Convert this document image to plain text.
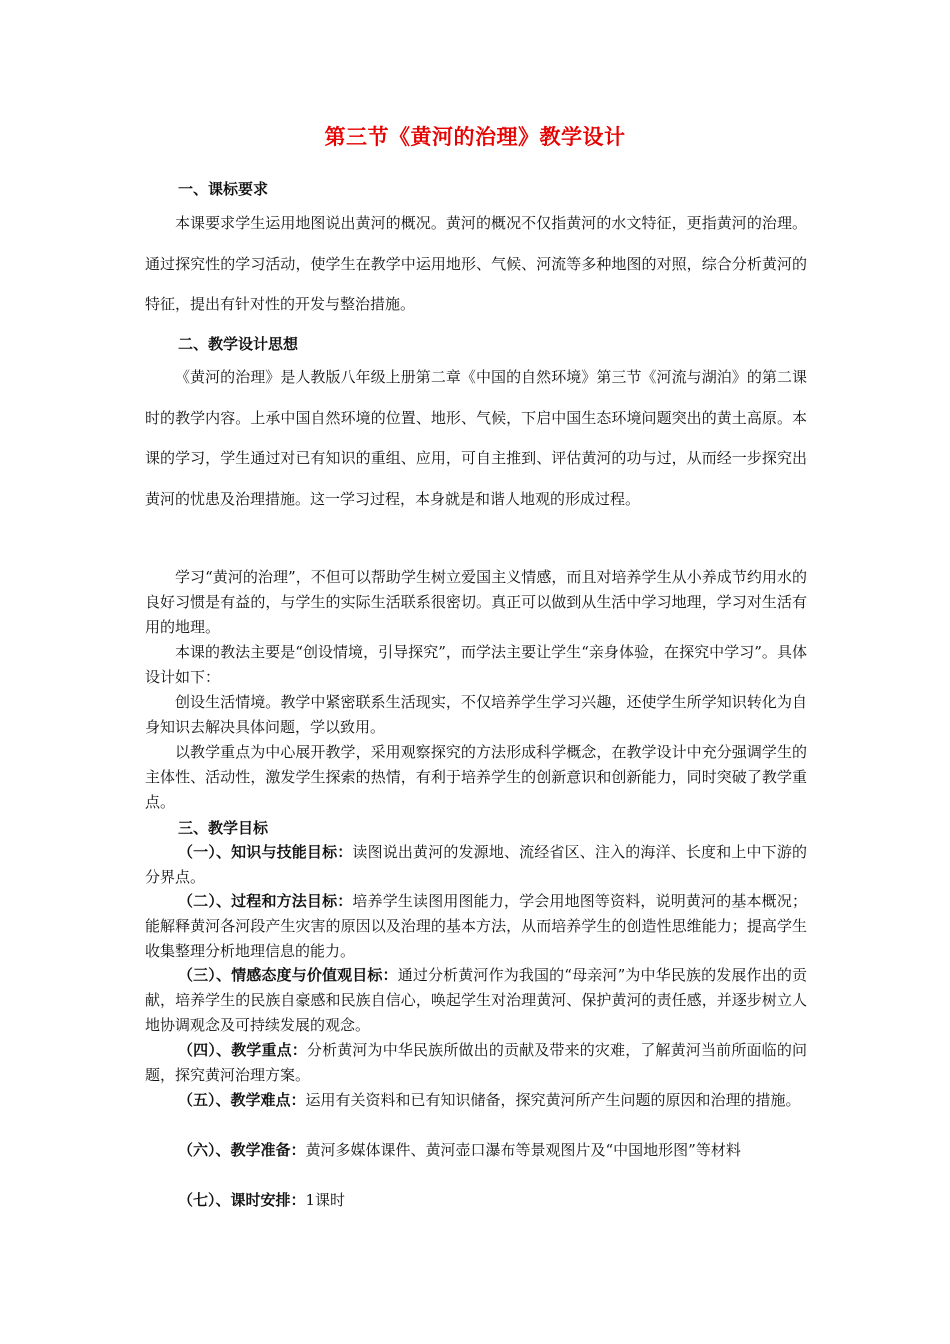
第三节《黄河的治理》教学设计
一、课标要求

本课要求学生运用地图说出黄河的概况。黄河的概况不仅指黄河的水文特征，更指黄河的治理。通过探究性的学习活动，使学生在教学中运用地形、气候、河流等多种地图的对照，综合分析黄河的特征，提出有针对性的开发与整治措施。

二、教学设计思想

《黄河的治理》是人教版八年级上册第二章《中国的自然环境》第三节《河流与湖泊》的第二课时的教学内容。上承中国自然环境的位置、地形、气候，下启中国生态环境问题突出的黄土高原。本课的学习，学生通过对已有知识的重组、应用，可自主推到、评估黄河的功与过，从而经一步探究出黄河的忧患及治理措施。这一学习过程，本身就是和谐人地观的形成过程。

学习“黄河的治理”，不但可以帮助学生树立爱国主义情感，而且对培养学生从小养成节约用水的良好习惯是有益的，与学生的实际生活联系很密切。真正可以做到从生活中学习地理，学习对生活有用的地理。

本课的教法主要是“创设情境，引导探究”，而学法主要让学生“亲身体验，在探究中学习”。具体设计如下：

创设生活情境。教学中紧密联系生活现实，不仅培养学生学习兴趣，还使学生所学知识转化为自身知识去解决具体问题，学以致用。

以教学重点为中心展开教学，采用观察探究的方法形成科学概念，在教学设计中充分强调学生的主体性、活动性，激发学生探索的热情，有利于培养学生的创新意识和创新能力，同时突破了教学重点。

三、教学目标

（一）、知识与技能目标：读图说出黄河的发源地、流经省区、注入的海洋、长度和上中下游的分界点。

（二）、过程和方法目标：培养学生读图用图能力，学会用地图等资料，说明黄河的基本概况；能解释黄河各河段产生灾害的原因以及治理的基本方法，从而培养学生的创造性思维能力；提高学生收集整理分析地理信息的能力。

（三）、情感态度与价值观目标：通过分析黄河作为我国的“母亲河”为中华民族的发展作出的贡献，培养学生的民族自豪感和民族自信心，唤起学生对治理黄河、保护黄河的责任感，并逐步树立人地协调观念及可持续发展的观念。

（四）、教学重点：分析黄河为中华民族所做出的贡献及带来的灾难，了解黄河当前所面临的问题，探究黄河治理方案。

（五）、教学难点：运用有关资料和已有知识储备，探究黄河所产生问题的原因和治理的措施。

（六）、教学准备：黄河多媒体课件、黄河壶口瀑布等景观图片及“中国地形图”等材料

（七）、课时安排：1课时
